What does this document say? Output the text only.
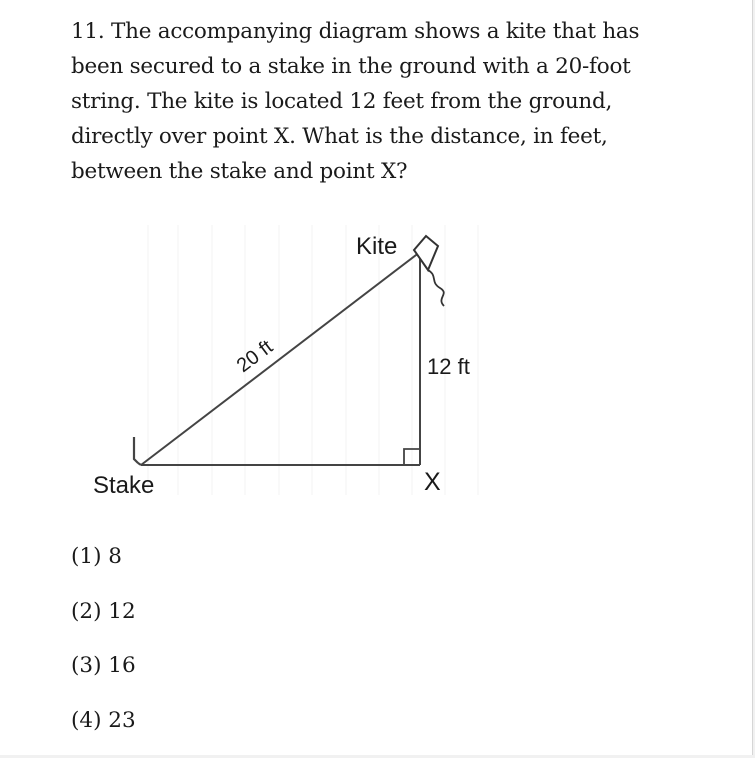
11. The accompanying diagram shows a kite that has
been secured to a stake in the ground with a 20-foot
string. The kite is located 12 feet from the ground,
directly over point X. What is the distance, in feet,
between the stake and point X?

Kite
20 ft	12 ft
Stake	X
(1) 8
(2) 12
(3) 16
(4) 23
